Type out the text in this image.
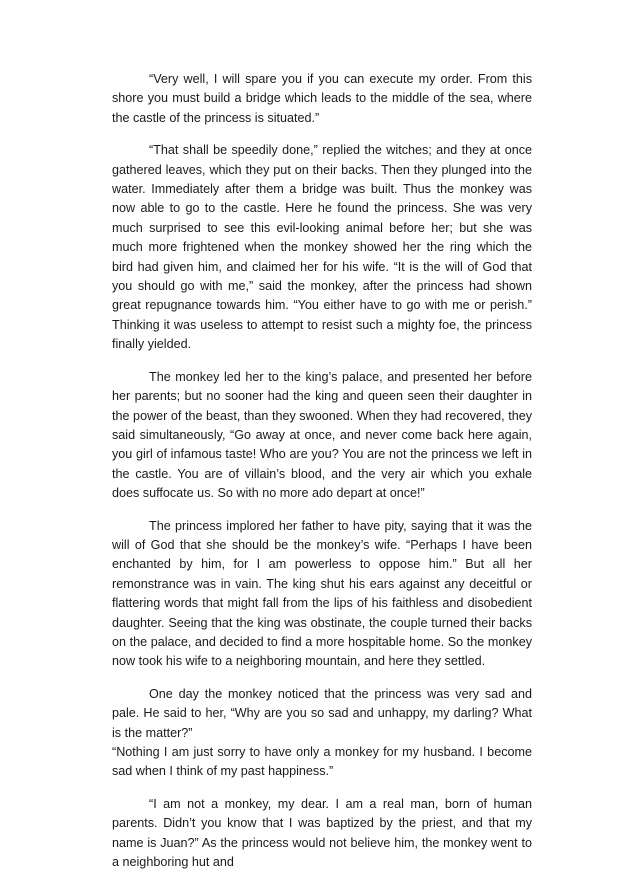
“Very well, I will spare you if you can execute my order. From this shore you must build a bridge which leads to the middle of the sea, where the castle of the princess is situated.”

“That shall be speedily done,” replied the witches; and they at once gathered leaves, which they put on their backs. Then they plunged into the water. Immediately after them a bridge was built. Thus the monkey was now able to go to the castle. Here he found the princess. She was very much surprised to see this evil-looking animal before her; but she was much more frightened when the monkey showed her the ring which the bird had given him, and claimed her for his wife. “It is the will of God that you should go with me,” said the monkey, after the princess had shown great repugnance towards him. “You either have to go with me or perish.” Thinking it was useless to attempt to resist such a mighty foe, the princess finally yielded.

The monkey led her to the king’s palace, and presented her before her parents; but no sooner had the king and queen seen their daughter in the power of the beast, than they swooned. When they had recovered, they said simultaneously, “Go away at once, and never come back here again, you girl of infamous taste! Who are you? You are not the princess we left in the castle. You are of villain’s blood, and the very air which you exhale does suffocate us. So with no more ado depart at once!”

The princess implored her father to have pity, saying that it was the will of God that she should be the monkey’s wife. “Perhaps I have been enchanted by him, for I am powerless to oppose him.” But all her remonstrance was in vain. The king shut his ears against any deceitful or flattering words that might fall from the lips of his faithless and disobedient daughter. Seeing that the king was obstinate, the couple turned their backs on the palace, and decided to find a more hospitable home. So the monkey now took his wife to a neighboring mountain, and here they settled.

One day the monkey noticed that the princess was very sad and pale. He said to her, “Why are you so sad and unhappy, my darling? What is the matter?”

“Nothing I am just sorry to have only a monkey for my husband. I become sad when I think of my past happiness.”

“I am not a monkey, my dear. I am a real man, born of human parents. Didn’t you know that I was baptized by the priest, and that my name is Juan?” As the princess would not believe him, the monkey went to a neighboring hut and
